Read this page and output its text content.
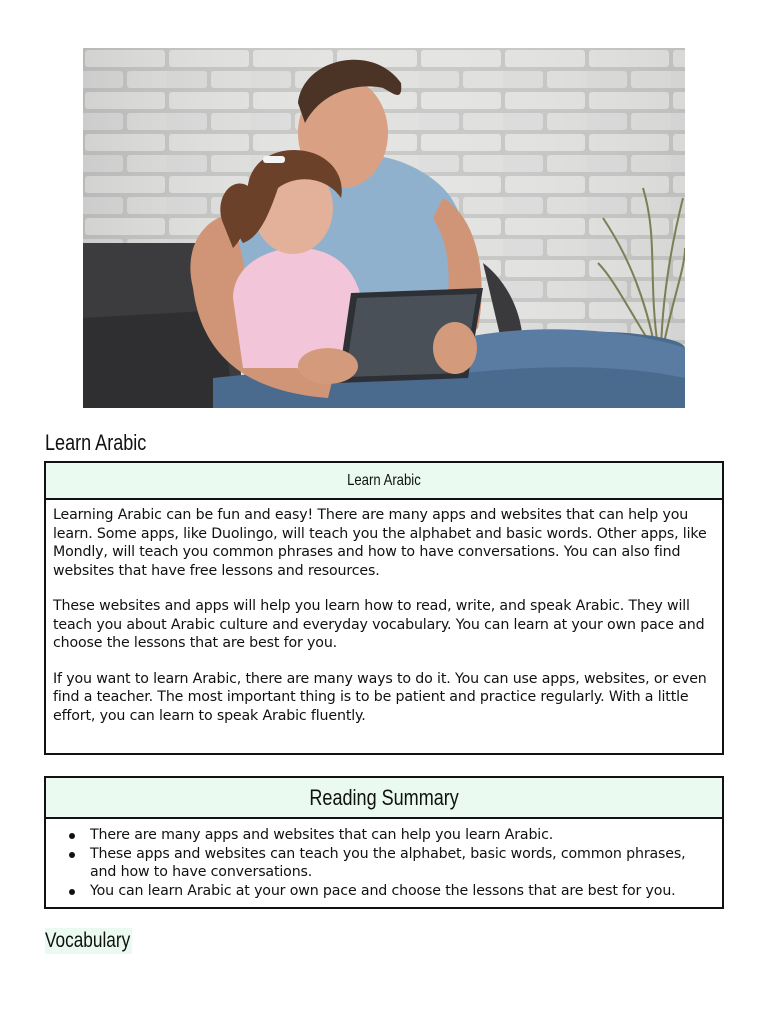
Learn Arabic
Learn Arabic

Learning Arabic can be fun and easy! There are many apps and websites that can help you learn. Some apps, like Duolingo, will teach you the alphabet and basic words. Other apps, like Mondly, will teach you common phrases and how to have conversations. You can also find websites that have free lessons and resources.

These websites and apps will help you learn how to read, write, and speak Arabic. They will teach you about Arabic culture and everyday vocabulary. You can learn at your own pace and choose the lessons that are best for you.

If you want to learn Arabic, there are many ways to do it. You can use apps, websites, or even find a teacher. The most important thing is to be patient and practice regularly. With a little effort, you can learn to speak Arabic fluently.

Reading Summary
There are many apps and websites that can help you learn Arabic.
These apps and websites can teach you the alphabet, basic words, common phrases, and how to have conversations.
You can learn Arabic at your own pace and choose the lessons that are best for you.
Vocabulary
